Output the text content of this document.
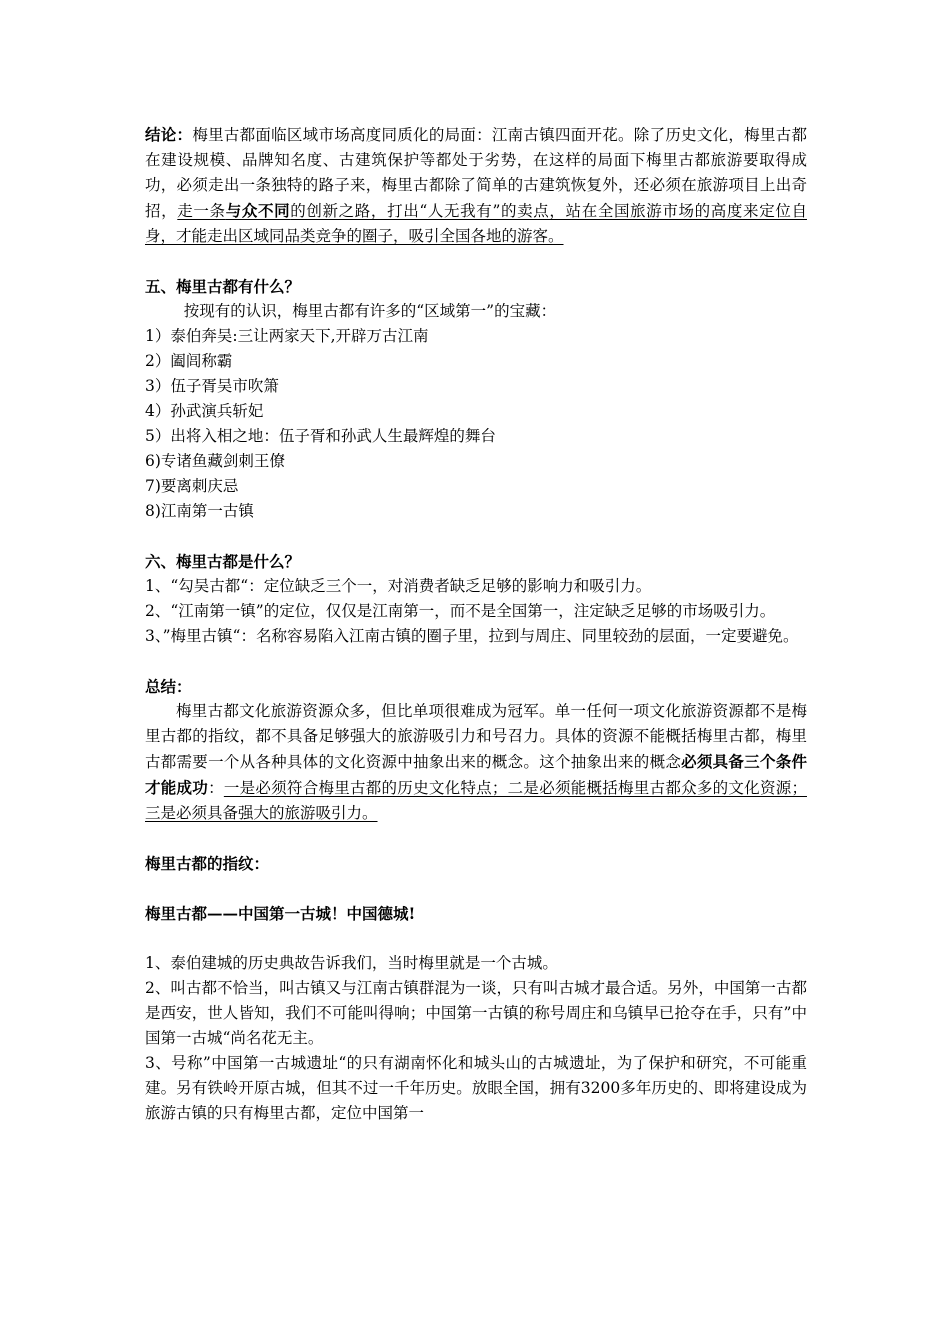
结论：梅里古都面临区域市场高度同质化的局面：江南古镇四面开花。除了历史文化，梅里古都在建设规模、品牌知名度、古建筑保护等都处于劣势，在这样的局面下梅里古都旅游要取得成功，必须走出一条独特的路子来，梅里古都除了简单的古建筑恢复外，还必须在旅游项目上出奇招，走一条与众不同的创新之路，打出“人无我有”的卖点，站在全国旅游市场的高度来定位自身，才能走出区域同品类竞争的圈子，吸引全国各地的游客。

五、梅里古都有什么？

按现有的认识，梅里古都有许多的“区域第一”的宝藏：

1）泰伯奔吴:三让两家天下,开辟万古江南

2）阖闾称霸

3）伍子胥吴市吹箫

4）孙武演兵斩妃

5）出将入相之地：伍子胥和孙武人生最辉煌的舞台

6)专诸鱼藏剑刺王僚

7)要离刺庆忌

8)江南第一古镇

六、梅里古都是什么？

1、“勾吴古都“：定位缺乏三个一，对消费者缺乏足够的影响力和吸引力。

2、“江南第一镇”的定位，仅仅是江南第一，而不是全国第一，注定缺乏足够的市场吸引力。

3、”梅里古镇“：名称容易陷入江南古镇的圈子里，拉到与周庄、同里较劲的层面，一定要避免。

总结：

梅里古都文化旅游资源众多，但比单项很难成为冠军。单一任何一项文化旅游资源都不是梅里古都的指纹，都不具备足够强大的旅游吸引力和号召力。具体的资源不能概括梅里古都，梅里古都需要一个从各种具体的文化资源中抽象出来的概念。这个抽象出来的概念必须具备三个条件才能成功：一是必须符合梅里古都的历史文化特点；二是必须能概括梅里古都众多的文化资源；三是必须具备强大的旅游吸引力。

梅里古都的指纹：

梅里古都——中国第一古城！中国德城!

1、泰伯建城的历史典故告诉我们，当时梅里就是一个古城。

2、叫古都不恰当，叫古镇又与江南古镇群混为一谈，只有叫古城才最合适。另外，中国第一古都是西安，世人皆知，我们不可能叫得响；中国第一古镇的称号周庄和乌镇早已抢夺在手，只有”中国第一古城“尚名花无主。

3、号称”中国第一古城遗址“的只有湖南怀化和城头山的古城遗址，为了保护和研究，不可能重建。另有铁岭开原古城，但其不过一千年历史。放眼全国，拥有3200多年历史的、即将建设成为旅游古镇的只有梅里古都，定位中国第一
